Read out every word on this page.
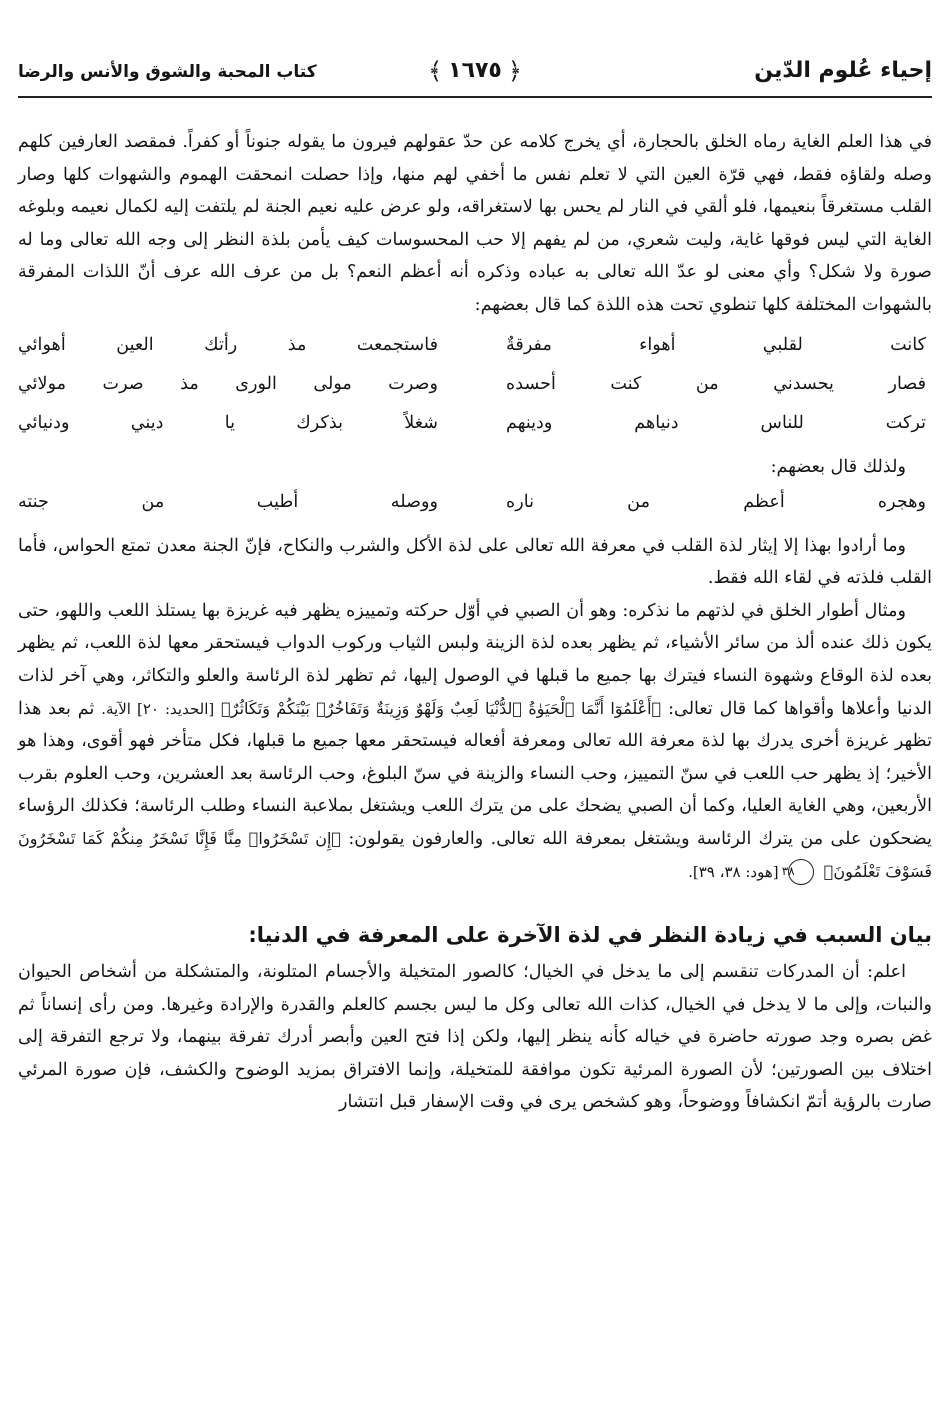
إحياء عُلوم الدّين
﴿
١٦٧٥
﴾
كتاب المحبة والشوق والأنس والرضا

في هذا العلم الغاية رماه الخلق بالحجارة، أي يخرج كلامه عن حدّ عقولهم فيرون ما يقوله جنوناً أو كفراً. فمقصد العارفين كلهم وصله ولقاؤه فقط، فهي قرّة العين التي لا تعلم نفس ما أخفي لهم منها، وإذا حصلت انمحقت الهموم والشهوات كلها وصار القلب مستغرقاً بنعيمها، فلو ألقي في النار لم يحس بها لاستغراقه، ولو عرض عليه نعيم الجنة لم يلتفت إليه لكمال نعيمه وبلوغه الغاية التي ليس فوقها غاية، وليت شعري، من لم يفهم إلا حب المحسوسات كيف يأمن بلذة النظر إلى وجه الله تعالى وما له صورة ولا شكل؟ وأي معنى لو عدّ الله تعالى به عباده وذكره أنه أعظم النعم؟ بل من عرف الله عرف أنّ اللذات المفرقة بالشهوات المختلفة كلها تنطوي تحت هذه اللذة كما قال بعضهم:

كانت لقلبي أهواء مفرقةٌ
فاستجمعت مذ رأتك العين أهوائي
فصار يحسدني من كنت أحسده
وصرت مولى الورى مذ صرت مولائي
تركت للناس دنياهم ودينهم
شغلاً بذكرك يا ديني ودنيائي
ولذلك قال بعضهم:
وهجره أعظم من ناره
ووصله أطيب من جنته

وما أرادوا بهذا إلا إيثار لذة القلب في معرفة الله تعالى على لذة الأكل والشرب والنكاح، فإنّ الجنة معدن تمتع الحواس، فأما القلب فلذته في لقاء الله فقط.

ومثال أطوار الخلق في لذتهم ما نذكره: وهو أن الصبي في أوّل حركته وتمييزه يظهر فيه غريزة بها يستلذ اللعب واللهو، حتى يكون ذلك عنده ألذ من سائر الأشياء، ثم يظهر بعده لذة الزينة ولبس الثياب وركوب الدواب فيستحقر معها لذة اللعب، ثم يظهر بعده لذة الوقاع وشهوة النساء فيترك بها جميع ما قبلها في الوصول إليها، ثم تظهر لذة الرئاسة والعلو والتكاثر، وهي آخر لذات الدنيا وأعلاها وأقواها كما قال تعالى: ﴿أَعْلَمُوٓا أَنَّمَا ٱلْحَيَوٰةُ ٱلدُّنْيَا لَعِبٌ وَلَهْوٌ وَزِينَةٌ وَتَفَاخُرٌۢ بَيْنَكُمْ وَتَكَاثُرٌ﴾ [الحديد: ٢٠] الآية. ثم بعد هذا تظهر غريزة أخرى يدرك بها لذة معرفة الله تعالى ومعرفة أفعاله فيستحقر معها جميع ما قبلها، فكل متأخر فهو أقوى، وهذا هو الأخير؛ إذ يظهر حب اللعب في سنّ التمييز، وحب النساء والزينة في سنّ البلوغ، وحب الرئاسة بعد العشرين، وحب العلوم بقرب الأربعين، وهي الغاية العليا، وكما أن الصبي يضحك على من يترك اللعب ويشتغل بملاعبة النساء وطلب الرئاسة؛ فكذلك الرؤساء يضحكون على من يترك الرئاسة ويشتغل بمعرفة الله تعالى. والعارفون يقولون: ﴿إِن تَسْخَرُوا۟ مِنَّا فَإِنَّا نَسْخَرُ مِنكُمْ كَمَا تَسْخَرُونَ فَسَوْفَ تَعْلَمُونَ﴾ ٣٨ [هود: ٣٨، ٣٩].

بيان السبب في زيادة النظر في لذة الآخرة على المعرفة في الدنيا:

اعلم: أن المدركات تنقسم إلى ما يدخل في الخيال؛ كالصور المتخيلة والأجسام المتلونة، والمتشكلة من أشخاص الحيوان والنبات، وإلى ما لا يدخل في الخيال، كذات الله تعالى وكل ما ليس بجسم كالعلم والقدرة والإرادة وغيرها. ومن رأى إنساناً ثم غض بصره وجد صورته حاضرة في خياله كأنه ينظر إليها، ولكن إذا فتح العين وأبصر أدرك تفرقة بينهما، ولا ترجع التفرقة إلى اختلاف بين الصورتين؛ لأن الصورة المرئية تكون موافقة للمتخيلة، وإنما الافتراق بمزيد الوضوح والكشف، فإن صورة المرئي صارت بالرؤية أتمّ انكشافاً ووضوحاً، وهو كشخص يرى في وقت الإسفار قبل انتشار
